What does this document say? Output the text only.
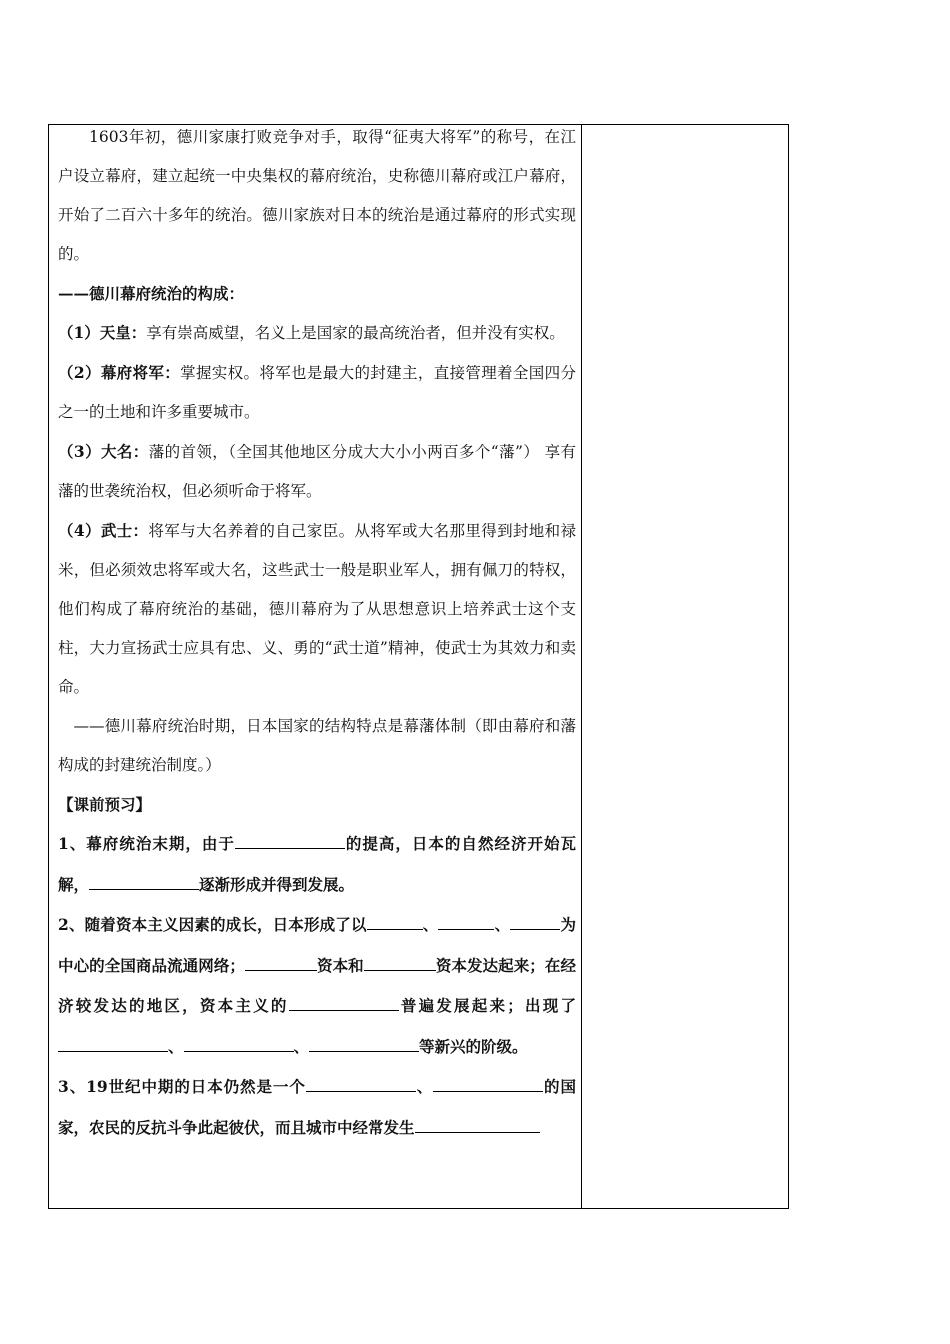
1603年初，德川家康打败竞争对手，取得“征夷大将军”的称号，在江户设立幕府，建立起统一中央集权的幕府统治，史称德川幕府或江户幕府，开始了二百六十多年的统治。德川家族对日本的统治是通过幕府的形式实现的。

——德川幕府统治的构成：

（1）天皇：享有崇高威望，名义上是国家的最高统治者，但并没有实权。

（2）幕府将军：掌握实权。将军也是最大的封建主，直接管理着全国四分之一的土地和许多重要城市。

（3）大名：藩的首领，（全国其他地区分成大大小小两百多个“藩”） 享有藩的世袭统治权，但必须听命于将军。

（4）武士：将军与大名养着的自己家臣。从将军或大名那里得到封地和禄米，但必须效忠将军或大名，这些武士一般是职业军人，拥有佩刀的特权，他们构成了幕府统治的基础，德川幕府为了从思想意识上培养武士这个支柱，大力宣扬武士应具有忠、义、勇的“武士道”精神，使武士为其效力和卖命。

——德川幕府统治时期，日本国家的结构特点是幕藩体制（即由幕府和藩构成的封建统治制度。）

【课前预习】

1、幕府统治末期，由于	的提高，日本的自然经济开始瓦解，	逐渐形成并得到发展。

2、随着资本主义因素的成长，日本形成了以	、	、	为中心的全国商品流通网络；	资本和	资本发达起来；在经济较发达的地区，资本主义的	普遍发展起来；出现了、	、	等新兴的阶级。

3、19世纪中期的日本仍然是一个	、	的国家，农民的反抗斗争此起彼伏，而且城市中经常发生
